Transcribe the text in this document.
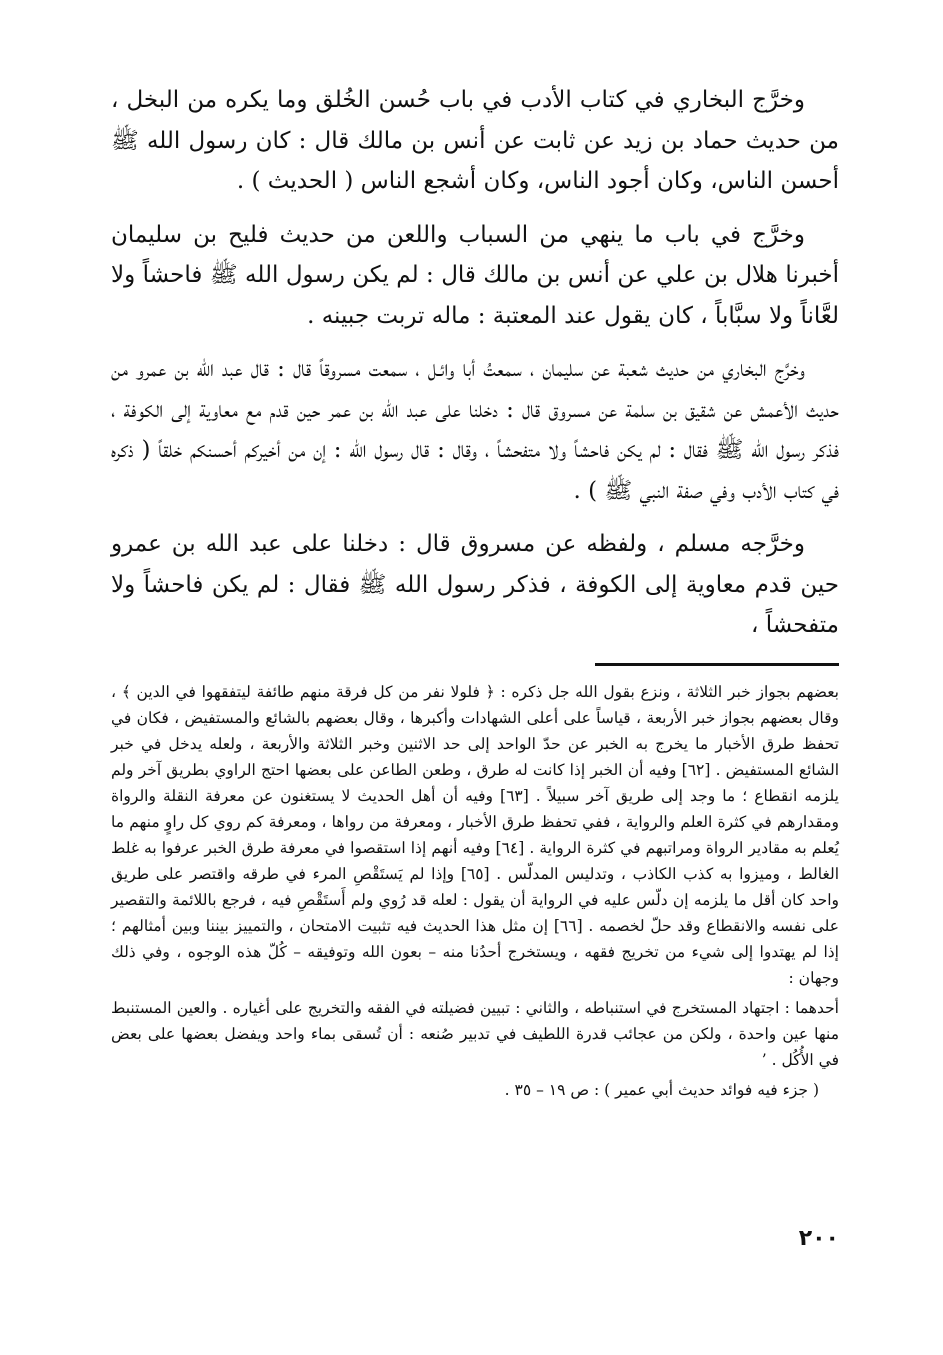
وخرَّج البخاري في كتاب الأدب في باب حُسن الخُلق وما يكره من البخل ، من حديث حماد بن زيد عن ثابت عن أنس بن مالك قال : كان رسول الله ﷺ أحسن الناس، وكان أجود الناس، وكان أشجع الناس ( الحديث ) .

وخرَّج في باب ما ينهي من السباب واللعن من حديث فليح بن سليمان أخبرنا هلال بن علي عن أنس بن مالك قال : لم يكن رسول الله ﷺ فاحشاً ولا لعَّاناً ولا سبَّاباً ، كان يقول عند المعتبة : ماله تربت جبينه .

وخرَّج البخاري من حديث شعبة عن سليمان ، سمعتُ أبا وائـل ، سمعت مسروقاً قال : قال عبد الله بن عمرو من حديث الأعمش عن شقيق بن سلمة عن مسروق قال : دخلنا على عبد الله بن عمر حين قدم مع معاوية إلى الكوفة ، فذكر رسول الله ﷺ فقال : لم يكن فاحشاً ولا متفحشاً ، وقال : قال رسول الله : إن من أخيركم أحسنكم خلقاً ( ذكره في كتاب الأدب وفي صفة النبي ﷺ ) .

وخرَّجه مسلم ، ولفظه عن مسروق قال : دخلنا على عبد الله بن عمرو حين قدم معاوية إلى الكوفة ، فذكر رسول الله ﷺ فقال : لم يكن فاحشاً ولا متفحشاً ،

بعضهم بجواز خبر الثلاثة ، ونزع بقول الله جل ذكره : ﴿ فلولا نفر من كل فرقة منهم طائفة ليتفقهوا في الدين ﴾ ، وقال بعضهم بجواز خبر الأربعة ، قياساً على أعلى الشهادات وأكبرها ، وقال بعضهم بالشائع والمستفيض ، فكان في تحفظ طرق الأخبار ما يخرج به الخبر عن حدّ الواحد إلى حد الاثنين وخبر الثلاثة والأربعة ، ولعله يدخل في خبر الشائع المستفيض . [٦٢] وفيه أن الخبر إذا كانت له طرق ، وطعن الطاعن على بعضها احتج الراوي بطريق آخر ولم يلزمه انقطاع ؛ ما وجد إلى طريق آخر سبيلاً . [٦٣] وفيه أن أهل الحديث لا يستغنون عن معرفة النقلة والرواة ومقدارهم في كثرة العلم والرواية ، ففي تحفظ طرق الأخبار ، ومعرفة من رواها ، ومعرفة كم روي كل راوٍ منهم ما يُعلم به مقادير الرواة ومراتبهم في كثرة الرواية . [٦٤] وفيه أنهم إذا استقصوا في معرفة طرق الخبر عرفوا به غلط الغالط ، وميزوا به كذب الكاذب ، وتدليس المدلّس . [٦٥] وإذا لم يَستَقْصِ المرء في طرقه واقتصر على طريق واحد كان أقل ما يلزمه إن دلّس عليه في الرواية أن يقول : لعله قد رُوي ولم أَستَقْصِ فيه ، فرجع باللائمة والتقصير على نفسه والانقطاع وقد حلّ لخصمه . [٦٦] إن مثل هذا الحديث فيه تثبيت الامتحان ، والتمييز بيننا وبين أمثالهم ؛ إذا لم يهتدوا إلى شيء من تخريج فقهه ، ويستخرج أحدُنا منه – بعون الله وتوفيقه – كُلّ هذه الوجوه ، وفي ذلك وجهان :

أحدهما : اجتهاد المستخرج في استنباطه ، والثاني : تبيين فضيلته في الفقه والتخريج على أغياره . والعين المستنبط منها عين واحدة ، ولكن من عجائب قدرة اللطيف في تدبير صُنعه : أن تُسقى بماء واحد ويفضل بعضها على بعض في الأُكُل . ’

( جزء فيه فوائد حديث أبي عمير ) : ص ١٩ – ٣٥ .

٢٠٠
